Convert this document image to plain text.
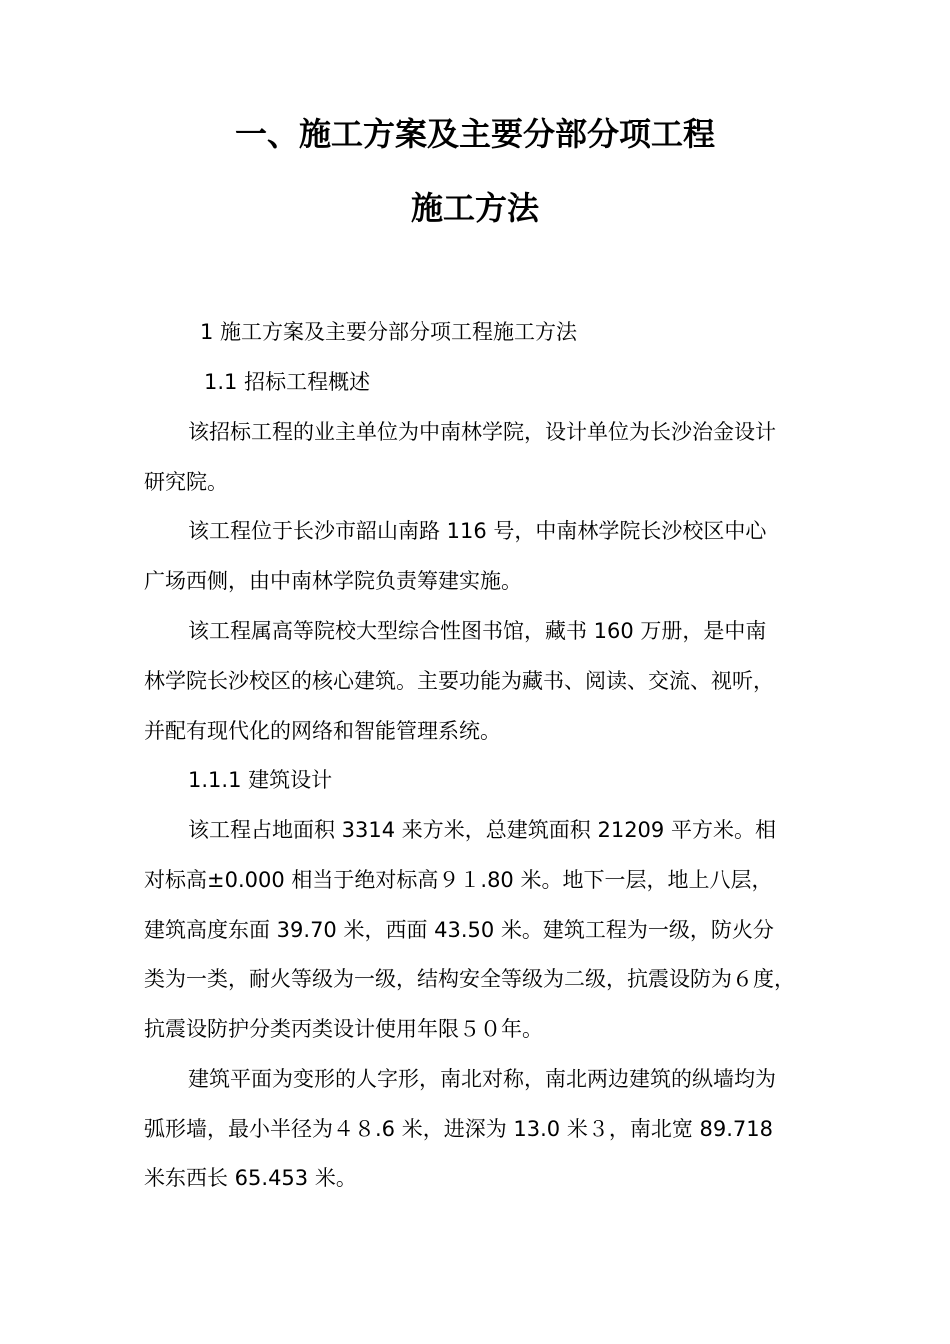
一、施工方案及主要分部分项工程
施工方法
1 施工方案及主要分部分项工程施工方法
1.1 招标工程概述
该招标工程的业主单位为中南林学院，设计单位为长沙治金设计
研究院。
该工程位于长沙市韶山南路 116 号，中南林学院长沙校区中心
广场西侧，由中南林学院负责筹建实施。
该工程属高等院校大型综合性图书馆，藏书 160 万册，是中南
林学院长沙校区的核心建筑。主要功能为藏书、阅读、交流、视听，
并配有现代化的网络和智能管理系统。
1.1.1 建筑设计
该工程占地面积 3314 来方米，总建筑面积 21209 平方米。相
对标高±0.000 相当于绝对标高９１.80 米。地下一层，地上八层，
建筑高度东面 39.70 米，西面 43.50 米。建筑工程为一级，防火分
类为一类，耐火等级为一级，结构安全等级为二级，抗震设防为６度，
抗震设防护分类丙类设计使用年限５０年。
建筑平面为变形的人字形，南北对称，南北两边建筑的纵墙均为
弧形墙，最小半径为４８.6 米，进深为 13.0 米３，南北宽 89.718
米东西长 65.453 米。
